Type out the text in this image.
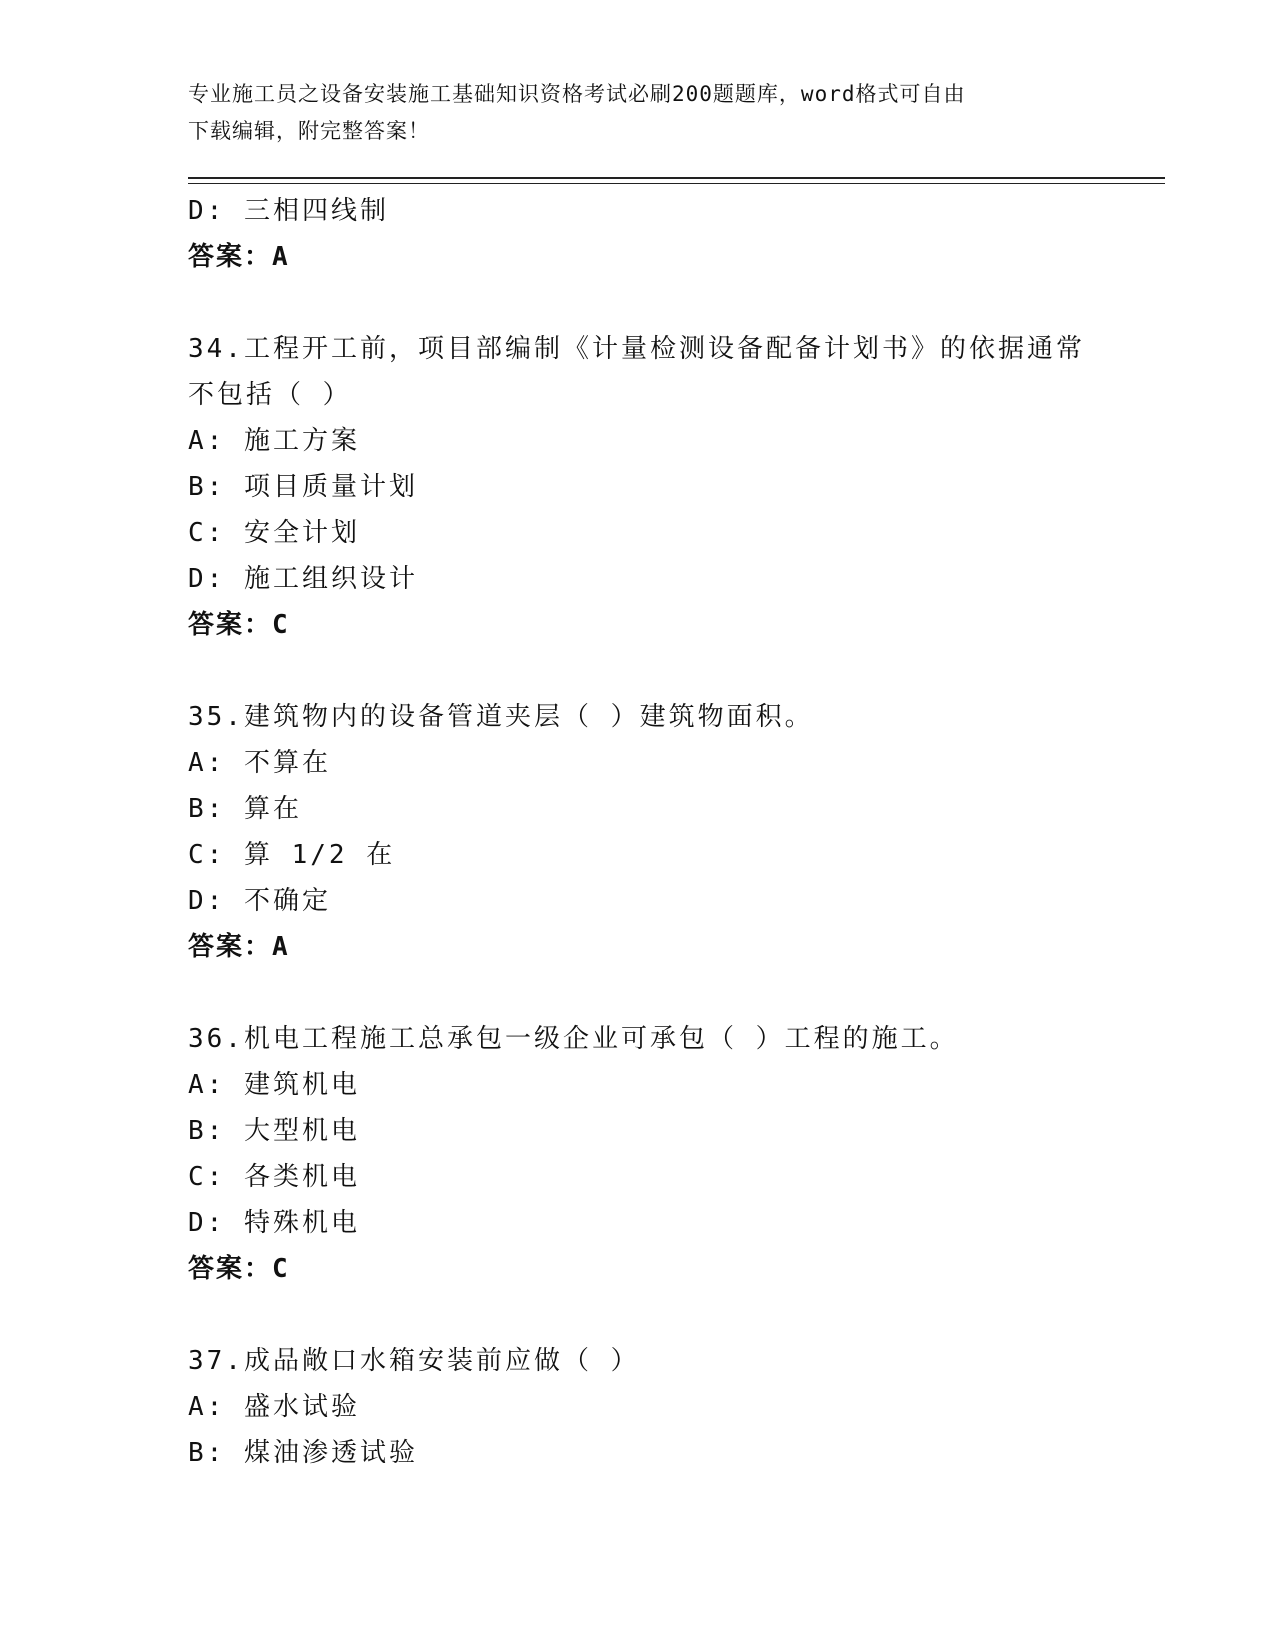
专业施工员之设备安装施工基础知识资格考试必刷200题题库，word格式可自由
下载编辑，附完整答案！
D: 三相四线制
答案：A
34.工程开工前，项目部编制《计量检测设备配备计划书》的依据通常
不包括（ ）
A: 施工方案
B: 项目质量计划
C: 安全计划
D: 施工组织设计
答案：C
35.建筑物内的设备管道夹层（ ）建筑物面积。
A: 不算在
B: 算在
C: 算 1/2 在
D: 不确定
答案：A
36.机电工程施工总承包一级企业可承包（ ）工程的施工。
A: 建筑机电
B: 大型机电
C: 各类机电
D: 特殊机电
答案：C
37.成品敞口水箱安装前应做（ ）
A: 盛水试验
B: 煤油渗透试验
